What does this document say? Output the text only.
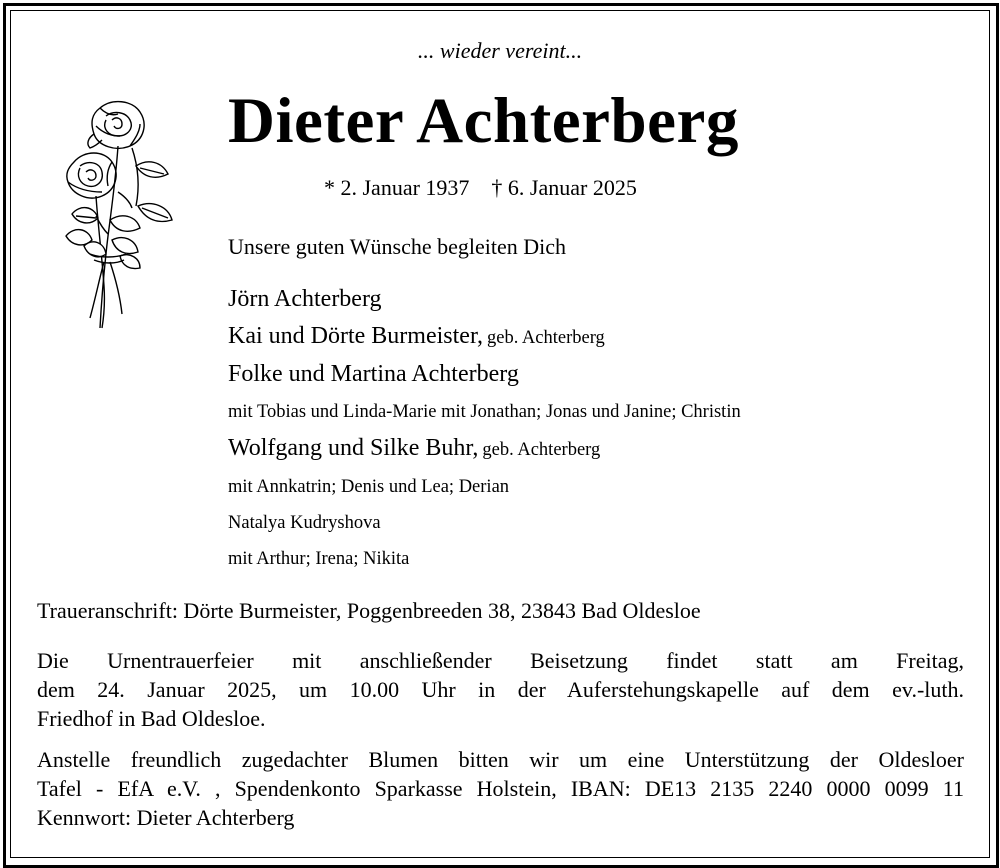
... wieder vereint...
Dieter Achterberg
* 2. Januar 1937 † 6. Januar 2025
Unsere guten Wünsche begleiten Dich
Jörn Achterberg
Kai und Dörte Burmeister, geb. Achterberg
Folke und Martina Achterberg
mit Tobias und Linda-Marie mit Jonathan; Jonas und Janine; Christin
Wolfgang und Silke Buhr, geb. Achterberg
mit Annkatrin; Denis und Lea; Derian
Natalya Kudryshova
mit Arthur; Irena; Nikita
Traueranschrift: Dörte Burmeister, Poggenbreeden 38, 23843 Bad Oldesloe
Die Urnentrauerfeier mit anschließender Beisetzung findet statt am Freitag,
dem 24. Januar 2025, um 10.00 Uhr in der Auferstehungskapelle auf dem ev.-luth.
Friedhof in Bad Oldesloe.
Anstelle freundlich zugedachter Blumen bitten wir um eine Unterstützung der Oldesloer
Tafel - EfA e.V. , Spendenkonto Sparkasse Holstein, IBAN: DE13 2135 2240 0000 0099 11
Kennwort: Dieter Achterberg
